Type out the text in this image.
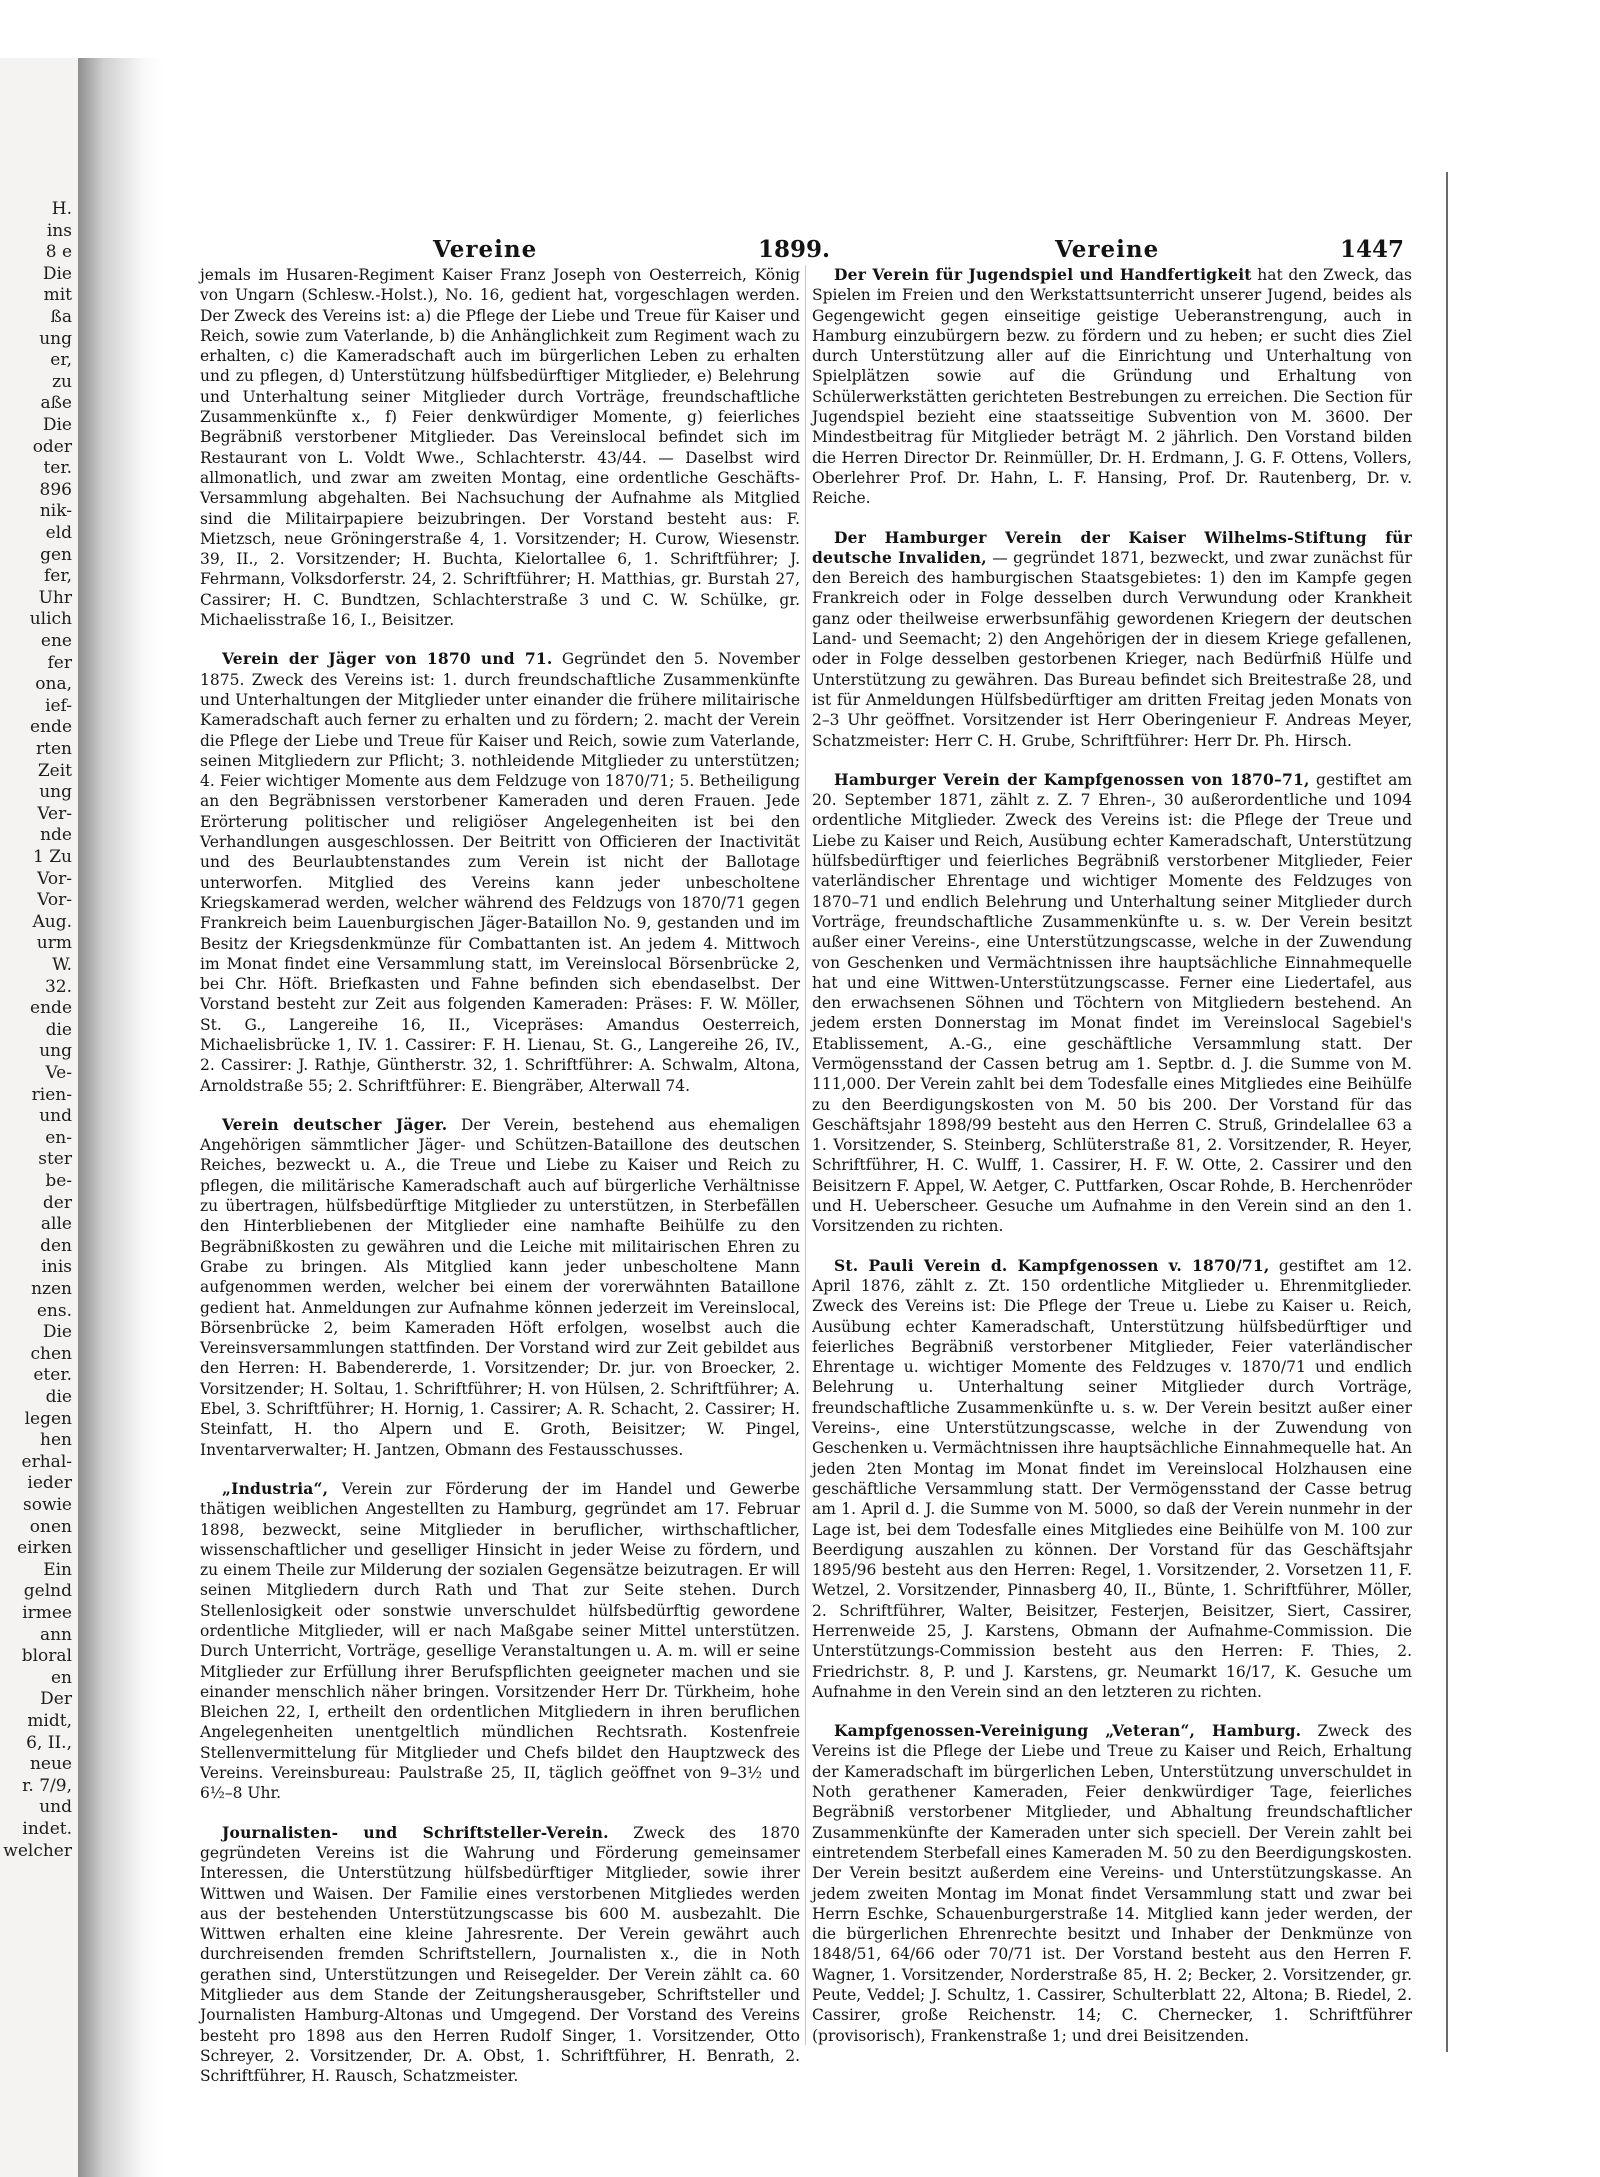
H.
ins
8 e
Die
mit
ßa
ung
er,
zu
aße
Die
oder
ter.
896
nik-
eld
gen
fer,
Uhr
ulich
ene
fer
ona,
ief-
ende
rten
Zeit
ung
Ver-
nde
1 Zu
Vor-
Vor-
Aug.
urm
W.
32.
ende
die
ung
Ve-
rien-
und
en-
ster
be-
der
alle
den
inis
nzen
ens.
Die
chen
eter.
die
legen
hen
erhal-
ieder
sowie
onen
eirken
Ein
gelnd
irmee
ann
bloral
en
Der
midt,
6, II.,
neue
r. 7/9,
und
indet.
welcher
Vereine	1899.	Vereine	1447

jemals im Husaren-Regiment Kaiser Franz Joseph von Oesterreich, König von Ungarn (Schlesw.-Holst.), No. 16, gedient hat, vorgeschlagen werden. Der Zweck des Vereins ist: a) die Pflege der Liebe und Treue für Kaiser und Reich, sowie zum Vaterlande, b) die Anhänglichkeit zum Regiment wach zu erhalten, c) die Kameradschaft auch im bürgerlichen Leben zu erhalten und zu pflegen, d) Unterstützung hülfsbedürftiger Mitglieder, e) Belehrung und Unterhaltung seiner Mitglieder durch Vorträge, freundschaftliche Zusammenkünfte x., f) Feier denkwürdiger Momente, g) feierliches Begräbniß verstorbener Mitglieder. Das Vereinslocal befindet sich im Restaurant von L. Voldt Wwe., Schlachterstr. 43/44. — Daselbst wird allmonatlich, und zwar am zweiten Montag, eine ordentliche Geschäfts-Versammlung abgehalten. Bei Nachsuchung der Aufnahme als Mitglied sind die Militairpapiere beizubringen. Der Vorstand besteht aus: F. Mietzsch, neue Gröningerstraße 4, 1. Vorsitzender; H. Curow, Wiesenstr. 39, II., 2. Vorsitzender; H. Buchta, Kielortallee 6, 1. Schriftführer; J. Fehrmann, Volksdorferstr. 24, 2. Schriftführer; H. Matthias, gr. Burstah 27, Cassirer; H. C. Bundtzen, Schlachterstraße 3 und C. W. Schülke, gr. Michaelisstraße 16, I., Beisitzer.

Verein der Jäger von 1870 und 71. Gegründet den 5. November 1875. Zweck des Vereins ist: 1. durch freundschaftliche Zusammenkünfte und Unterhaltungen der Mitglieder unter einander die frühere militairische Kameradschaft auch ferner zu erhalten und zu fördern; 2. macht der Verein die Pflege der Liebe und Treue für Kaiser und Reich, sowie zum Vaterlande, seinen Mitgliedern zur Pflicht; 3. nothleidende Mitglieder zu unterstützen; 4. Feier wichtiger Momente aus dem Feldzuge von 1870/71; 5. Betheiligung an den Begräbnissen verstorbener Kameraden und deren Frauen. Jede Erörterung politischer und religiöser Angelegenheiten ist bei den Verhandlungen ausgeschlossen. Der Beitritt von Officieren der Inactivität und des Beurlaubtenstandes zum Verein ist nicht der Ballotage unterworfen. Mitglied des Vereins kann jeder unbescholtene Kriegskamerad werden, welcher während des Feldzugs von 1870/71 gegen Frankreich beim Lauenburgischen Jäger-Bataillon No. 9, gestanden und im Besitz der Kriegsdenkmünze für Combattanten ist. An jedem 4. Mittwoch im Monat findet eine Versammlung statt, im Vereinslocal Börsenbrücke 2, bei Chr. Höft. Briefkasten und Fahne befinden sich ebendaselbst. Der Vorstand besteht zur Zeit aus folgenden Kameraden: Präses: F. W. Möller, St. G., Langereihe 16, II., Vicepräses: Amandus Oesterreich, Michaelisbrücke 1, IV. 1. Cassirer: F. H. Lienau, St. G., Langereihe 26, IV., 2. Cassirer: J. Rathje, Güntherstr. 32, 1. Schriftführer: A. Schwalm, Altona, Arnoldstraße 55; 2. Schriftführer: E. Biengräber, Alterwall 74.

Verein deutscher Jäger. Der Verein, bestehend aus ehemaligen Angehörigen sämmtlicher Jäger- und Schützen-Bataillone des deutschen Reiches, bezweckt u. A., die Treue und Liebe zu Kaiser und Reich zu pflegen, die militärische Kameradschaft auch auf bürgerliche Verhältnisse zu übertragen, hülfsbedürftige Mitglieder zu unterstützen, in Sterbefällen den Hinterbliebenen der Mitglieder eine namhafte Beihülfe zu den Begräbnißkosten zu gewähren und die Leiche mit militairischen Ehren zu Grabe zu bringen. Als Mitglied kann jeder unbescholtene Mann aufgenommen werden, welcher bei einem der vorerwähnten Bataillone gedient hat. Anmeldungen zur Aufnahme können jederzeit im Vereinslocal, Börsenbrücke 2, beim Kameraden Höft erfolgen, woselbst auch die Vereinsversammlungen stattfinden. Der Vorstand wird zur Zeit gebildet aus den Herren: H. Babendererde, 1. Vorsitzender; Dr. jur. von Broecker, 2. Vorsitzender; H. Soltau, 1. Schriftführer; H. von Hülsen, 2. Schriftführer; A. Ebel, 3. Schriftführer; H. Hornig, 1. Cassirer; A. R. Schacht, 2. Cassirer; H. Steinfatt, H. tho Alpern und E. Groth, Beisitzer; W. Pingel, Inventarverwalter; H. Jantzen, Obmann des Festausschusses.

„Industria“, Verein zur Förderung der im Handel und Gewerbe thätigen weiblichen Angestellten zu Hamburg, gegründet am 17. Februar 1898, bezweckt, seine Mitglieder in beruflicher, wirthschaftlicher, wissenschaftlicher und geselliger Hinsicht in jeder Weise zu fördern, und zu einem Theile zur Milderung der sozialen Gegensätze beizutragen. Er will seinen Mitgliedern durch Rath und That zur Seite stehen. Durch Stellenlosigkeit oder sonstwie unverschuldet hülfsbedürftig gewordene ordentliche Mitglieder, will er nach Maßgabe seiner Mittel unterstützen. Durch Unterricht, Vorträge, gesellige Veranstaltungen u. A. m. will er seine Mitglieder zur Erfüllung ihrer Berufspflichten geeigneter machen und sie einander menschlich näher bringen. Vorsitzender Herr Dr. Türkheim, hohe Bleichen 22, I, ertheilt den ordentlichen Mitgliedern in ihren beruflichen Angelegenheiten unentgeltlich mündlichen Rechtsrath. Kostenfreie Stellenvermittelung für Mitglieder und Chefs bildet den Hauptzweck des Vereins. Vereinsbureau: Paulstraße 25, II, täglich geöffnet von 9–3½ und 6½–8 Uhr.

Journalisten- und Schriftsteller-Verein. Zweck des 1870 gegründeten Vereins ist die Wahrung und Förderung gemeinsamer Interessen, die Unterstützung hülfsbedürftiger Mitglieder, sowie ihrer Wittwen und Waisen. Der Familie eines verstorbenen Mitgliedes werden aus der bestehenden Unterstützungscasse bis 600 M. ausbezahlt. Die Wittwen erhalten eine kleine Jahresrente. Der Verein gewährt auch durchreisenden fremden Schriftstellern, Journalisten x., die in Noth gerathen sind, Unterstützungen und Reisegelder. Der Verein zählt ca. 60 Mitglieder aus dem Stande der Zeitungsherausgeber, Schriftsteller und Journalisten Hamburg-Altonas und Umgegend. Der Vorstand des Vereins besteht pro 1898 aus den Herren Rudolf Singer, 1. Vorsitzender, Otto Schreyer, 2. Vorsitzender, Dr. A. Obst, 1. Schriftführer, H. Benrath, 2. Schriftführer, H. Rausch, Schatzmeister.

Der Verein für Jugendspiel und Handfertigkeit hat den Zweck, das Spielen im Freien und den Werkstattsunterricht unserer Jugend, beides als Gegengewicht gegen einseitige geistige Ueberanstrengung, auch in Hamburg einzubürgern bezw. zu fördern und zu heben; er sucht dies Ziel durch Unterstützung aller auf die Einrichtung und Unterhaltung von Spielplätzen sowie auf die Gründung und Erhaltung von Schülerwerkstätten gerichteten Bestrebungen zu erreichen. Die Section für Jugendspiel bezieht eine staatsseitige Subvention von M. 3600. Der Mindestbeitrag für Mitglieder beträgt M. 2 jährlich. Den Vorstand bilden die Herren Director Dr. Reinmüller, Dr. H. Erdmann, J. G. F. Ottens, Vollers, Oberlehrer Prof. Dr. Hahn, L. F. Hansing, Prof. Dr. Rautenberg, Dr. v. Reiche.

Der Hamburger Verein der Kaiser Wilhelms-Stiftung für deutsche Invaliden, — gegründet 1871, bezweckt, und zwar zunächst für den Bereich des hamburgischen Staatsgebietes: 1) den im Kampfe gegen Frankreich oder in Folge desselben durch Verwundung oder Krankheit ganz oder theilweise erwerbsunfähig gewordenen Kriegern der deutschen Land- und Seemacht; 2) den Angehörigen der in diesem Kriege gefallenen, oder in Folge desselben gestorbenen Krieger, nach Bedürfniß Hülfe und Unterstützung zu gewähren. Das Bureau befindet sich Breitestraße 28, und ist für Anmeldungen Hülfsbedürftiger am dritten Freitag jeden Monats von 2–3 Uhr geöffnet. Vorsitzender ist Herr Oberingenieur F. Andreas Meyer, Schatzmeister: Herr C. H. Grube, Schriftführer: Herr Dr. Ph. Hirsch.

Hamburger Verein der Kampfgenossen von 1870–71, gestiftet am 20. September 1871, zählt z. Z. 7 Ehren-, 30 außerordentliche und 1094 ordentliche Mitglieder. Zweck des Vereins ist: die Pflege der Treue und Liebe zu Kaiser und Reich, Ausübung echter Kameradschaft, Unterstützung hülfsbedürftiger und feierliches Begräbniß verstorbener Mitglieder, Feier vaterländischer Ehrentage und wichtiger Momente des Feldzuges von 1870–71 und endlich Belehrung und Unterhaltung seiner Mitglieder durch Vorträge, freundschaftliche Zusammenkünfte u. s. w. Der Verein besitzt außer einer Vereins-, eine Unterstützungscasse, welche in der Zuwendung von Geschenken und Vermächtnissen ihre hauptsächliche Einnahmequelle hat und eine Wittwen-Unterstützungscasse. Ferner eine Liedertafel, aus den erwachsenen Söhnen und Töchtern von Mitgliedern bestehend. An jedem ersten Donnerstag im Monat findet im Vereinslocal Sagebiel's Etablissement, A.-G., eine geschäftliche Versammlung statt. Der Vermögensstand der Cassen betrug am 1. Septbr. d. J. die Summe von M. 111,000. Der Verein zahlt bei dem Todesfalle eines Mitgliedes eine Beihülfe zu den Beerdigungskosten von M. 50 bis 200. Der Vorstand für das Geschäftsjahr 1898/99 besteht aus den Herren C. Struß, Grindelallee 63 a 1. Vorsitzender, S. Steinberg, Schlüterstraße 81, 2. Vorsitzender, R. Heyer, Schriftführer, H. C. Wulff, 1. Cassirer, H. F. W. Otte, 2. Cassirer und den Beisitzern F. Appel, W. Aetger, C. Puttfarken, Oscar Rohde, B. Herchenröder und H. Ueberscheer. Gesuche um Aufnahme in den Verein sind an den 1. Vorsitzenden zu richten.

St. Pauli Verein d. Kampfgenossen v. 1870/71, gestiftet am 12. April 1876, zählt z. Zt. 150 ordentliche Mitglieder u. Ehrenmitglieder. Zweck des Vereins ist: Die Pflege der Treue u. Liebe zu Kaiser u. Reich, Ausübung echter Kameradschaft, Unterstützung hülfsbedürftiger und feierliches Begräbniß verstorbener Mitglieder, Feier vaterländischer Ehrentage u. wichtiger Momente des Feldzuges v. 1870/71 und endlich Belehrung u. Unterhaltung seiner Mitglieder durch Vorträge, freundschaftliche Zusammenkünfte u. s. w. Der Verein besitzt außer einer Vereins-, eine Unterstützungscasse, welche in der Zuwendung von Geschenken u. Vermächtnissen ihre hauptsächliche Einnahmequelle hat. An jeden 2ten Montag im Monat findet im Vereinslocal Holzhausen eine geschäftliche Versammlung statt. Der Vermögensstand der Casse betrug am 1. April d. J. die Summe von M. 5000, so daß der Verein nunmehr in der Lage ist, bei dem Todesfalle eines Mitgliedes eine Beihülfe von M. 100 zur Beerdigung auszahlen zu können. Der Vorstand für das Geschäftsjahr 1895/96 besteht aus den Herren: Regel, 1. Vorsitzender, 2. Vorsetzen 11, F. Wetzel, 2. Vorsitzender, Pinnasberg 40, II., Bünte, 1. Schriftführer, Möller, 2. Schriftführer, Walter, Beisitzer, Festerjen, Beisitzer, Siert, Cassirer, Herrenweide 25, J. Karstens, Obmann der Aufnahme-Commission. Die Unterstützungs-Commission besteht aus den Herren: F. Thies, 2. Friedrichstr. 8, P. und J. Karstens, gr. Neumarkt 16/17, K. Gesuche um Aufnahme in den Verein sind an den letzteren zu richten.

Kampfgenossen-Vereinigung „Veteran“, Hamburg. Zweck des Vereins ist die Pflege der Liebe und Treue zu Kaiser und Reich, Erhaltung der Kameradschaft im bürgerlichen Leben, Unterstützung unverschuldet in Noth gerathener Kameraden, Feier denkwürdiger Tage, feierliches Begräbniß verstorbener Mitglieder, und Abhaltung freundschaftlicher Zusammenkünfte der Kameraden unter sich speciell. Der Verein zahlt bei eintretendem Sterbefall eines Kameraden M. 50 zu den Beerdigungskosten. Der Verein besitzt außerdem eine Vereins- und Unterstützungskasse. An jedem zweiten Montag im Monat findet Versammlung statt und zwar bei Herrn Eschke, Schauenburgerstraße 14. Mitglied kann jeder werden, der die bürgerlichen Ehrenrechte besitzt und Inhaber der Denkmünze von 1848/51, 64/66 oder 70/71 ist. Der Vorstand besteht aus den Herren F. Wagner, 1. Vorsitzender, Norderstraße 85, H. 2; Becker, 2. Vorsitzender, gr. Peute, Veddel; J. Schultz, 1. Cassirer, Schulterblatt 22, Altona; B. Riedel, 2. Cassirer, große Reichenstr. 14; C. Chernecker, 1. Schriftführer (provisorisch), Frankenstraße 1; und drei Beisitzenden.
